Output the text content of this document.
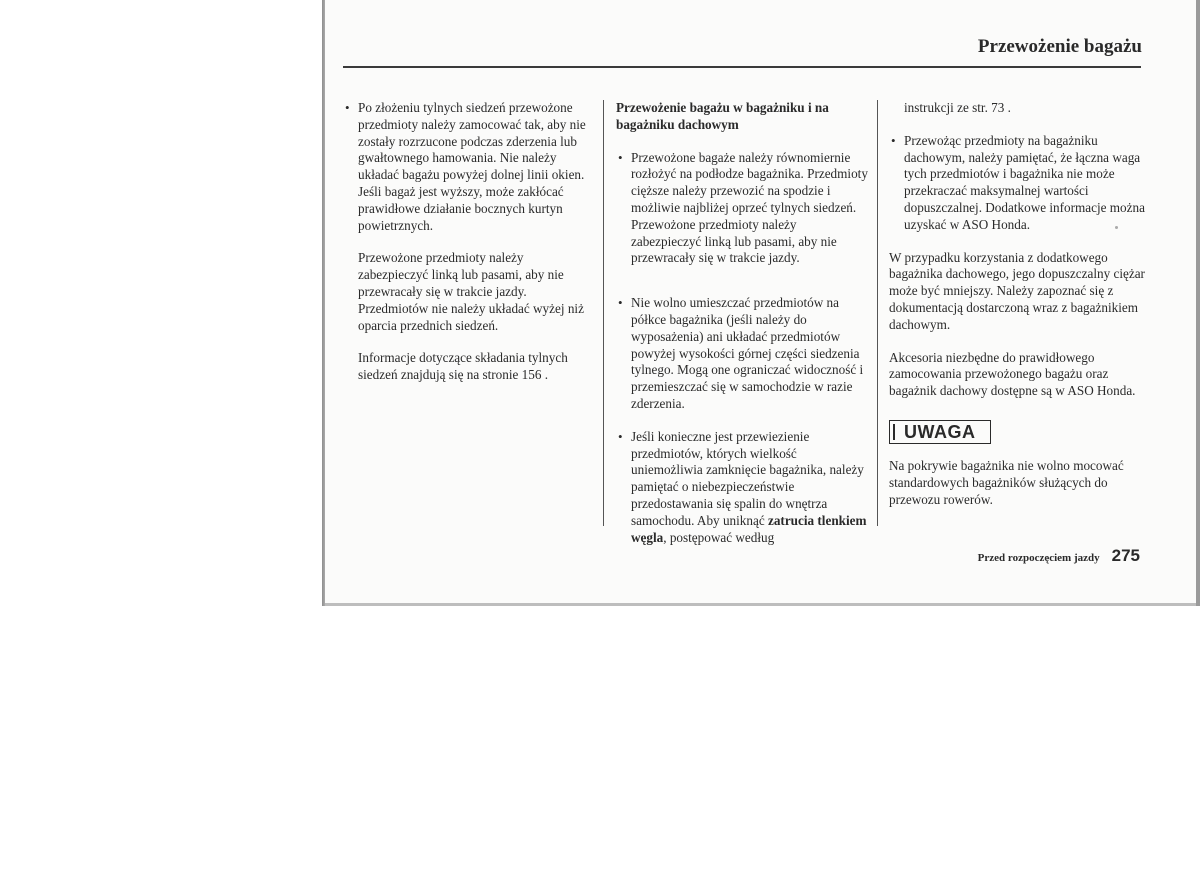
Przewożenie bagażu
•
Po złożeniu tylnych siedzeń przewożone przedmioty należy zamocować tak, aby nie zostały rozrzucone podczas zderzenia lub gwałtownego hamowania. Nie należy układać bagażu powyżej dolnej linii okien. Jeśli bagaż jest wyższy, może zakłócać prawidłowe działanie bocznych kurtyn powietrznych.

Przewożone przedmioty należy zabezpieczyć linką lub pasami, aby nie przewracały się w trakcie jazdy. Przedmiotów nie należy układać wyżej niż oparcia przednich siedzeń.

Informacje dotyczące składania tylnych siedzeń znajdują się na stronie 156 .

Przewożenie bagażu w bagażniku i na bagażniku dachowym

•
Przewożone bagaże należy równomiernie rozłożyć na podłodze bagażnika. Przedmioty cięższe należy przewozić na spodzie i możliwie najbliżej oprzeć tylnych siedzeń.

Przewożone przedmioty należy zabezpieczyć linką lub pasami, aby nie przewracały się w trakcie jazdy.

•
Nie wolno umieszczać przedmiotów na półkce bagażnika (jeśli należy do wyposażenia) ani układać przedmiotów powyżej wysokości górnej części siedzenia tylnego. Mogą one ograniczać widoczność i przemieszczać się w samochodzie w razie zderzenia.
•
Jeśli konieczne jest przewiezienie przedmiotów, których wielkość uniemożliwia zamknięcie bagażnika, należy pamiętać o niebezpieczeństwie przedostawania się spalin do wnętrza samochodu. Aby uniknąć zatrucia tlenkiem węgla, postępować według

instrukcji ze str. 73 .

•
Przewożąc przedmioty na bagażniku dachowym, należy pamiętać, że łączna waga tych przedmiotów i bagażnika nie może przekraczać maksymalnej wartości dopuszczalnej. Dodatkowe informacje można uzyskać w ASO Honda.

W przypadku korzystania z dodatkowego bagażnika dachowego, jego dopuszczalny ciężar może być mniejszy. Należy zapoznać się z dokumentacją dostarczoną wraz z bagażnikiem dachowym.

Akcesoria niezbędne do prawidłowego zamocowania przewożonego bagażu oraz bagażnik dachowy dostępne są w ASO Honda.

UWAGA

Na pokrywie bagażnika nie wolno mocować standardowych bagażników służących do przewozu rowerów.

Przed rozpoczęciem jazdy 275
